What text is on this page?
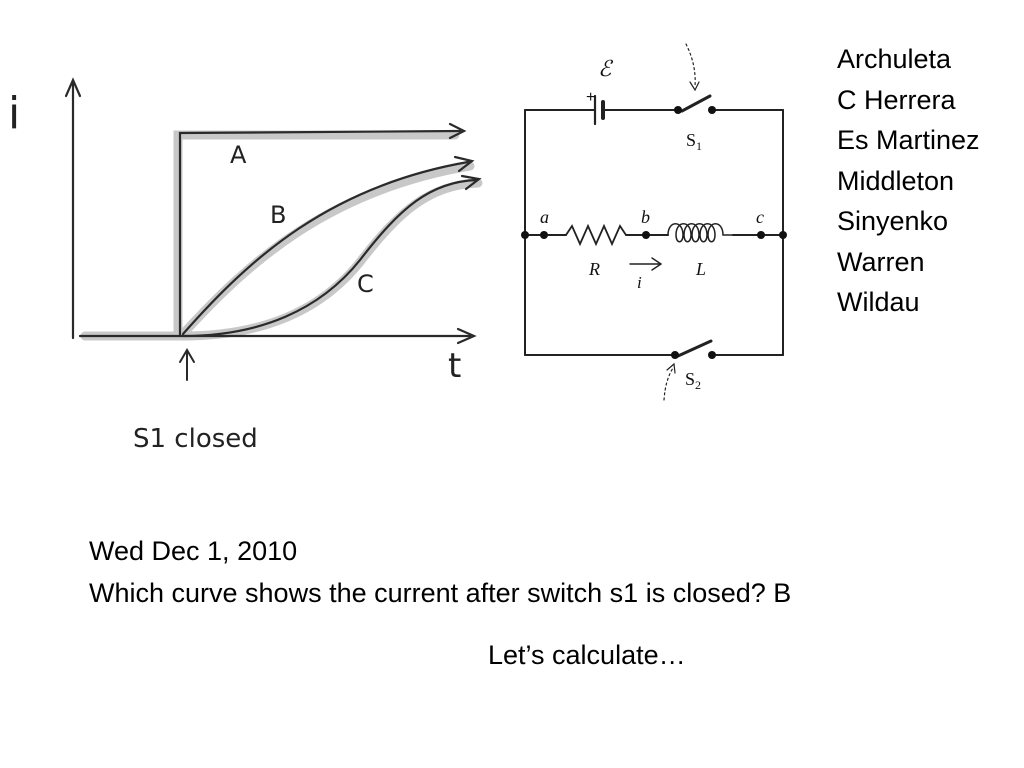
i
t
A
B
C
S1 closed
ℰ
+
$S_1$
$S_2$
a	b	c
R	L
i
Archuleta
C Herrera
Es Martinez
Middleton
Sinyenko
Warren
Wildau
Wed Dec 1, 2010
Which curve shows the current after switch s1 is closed? B
Let’s calculate…
